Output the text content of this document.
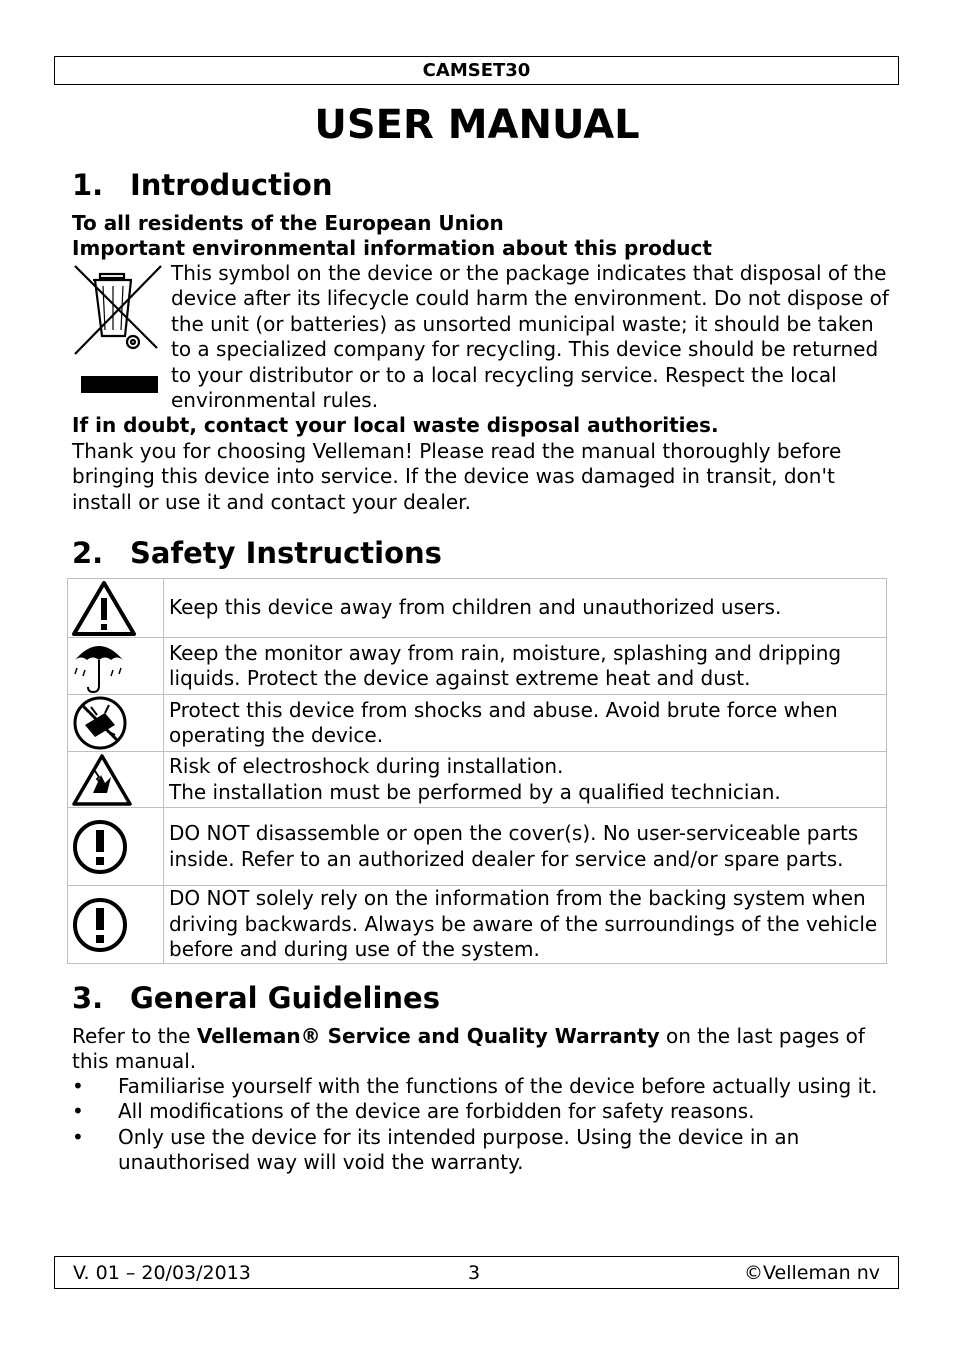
CAMSET30
USER MANUAL
1. Introduction
To all residents of the European Union
Important environmental information about this product

This symbol on the device or the package indicates that disposal of the device after its lifecycle could harm the environment. Do not dispose of the unit (or batteries) as unsorted municipal waste; it should be taken to a specialized company for recycling. This device should be returned to your distributor or to a local recycling service. Respect the local environmental rules.

If in doubt, contact your local waste disposal authorities.

Thank you for choosing Velleman! Please read the manual thoroughly before bringing this device into service. If the device was damaged in transit, don't install or use it and contact your dealer.

2. Safety Instructions
	Keep this device away from children and unauthorized users.

	Keep the monitor away from rain, moisture, splashing and dripping liquids. Protect the device against extreme heat and dust.

	Protect this device from shocks and abuse. Avoid brute force when operating the device.

Risk of electroshock during installation.
The installation must be performed by a qualified technician.

	DO NOT disassemble or open the cover(s). No user-serviceable parts inside. Refer to an authorized dealer for service and/or spare parts.

	DO NOT solely rely on the information from the backing system when driving backwards. Always be aware of the surroundings of the vehicle before and during use of the system.
3. General Guidelines

Refer to the Velleman® Service and Quality Warranty on the last pages of this manual.

• Familiarise yourself with the functions of the device before actually using it.
• All modifications of the device are forbidden for safety reasons.
• Only use the device for its intended purpose. Using the device in an unauthorised way will void the warranty.
V. 01 – 20/03/2013	3	©Velleman nv
